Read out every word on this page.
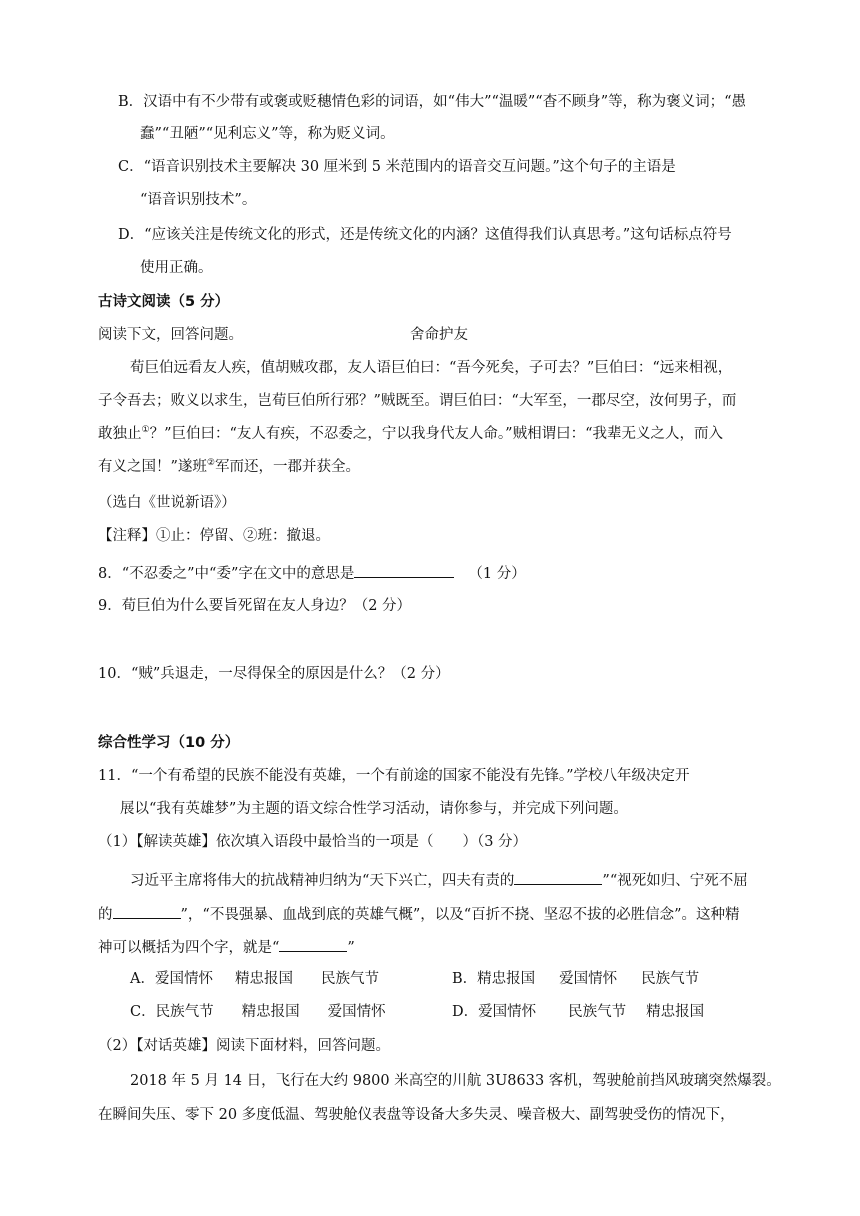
B．汉语中有不少带有或褒或贬穗情色彩的词语，如“伟大”“温暖”“杳不顾身”等，称为褒义词；“愚
蠢”“丑陋”“见利忘义”等，称为贬义词。
C．“语音识别技术主要解决 30 厘米到 5 米范围内的语音交互问题。”这个句子的主语是
“语音识别技术”。
D．“应该关注是传统文化的形式，还是传统文化的内涵？这值得我们认真思考。”这句话标点符号
使用正确。
古诗文阅读（5 分）
阅读下文，回答问题。	舍命护友
荀巨伯远看友人疾，值胡贼攻郡，友人语巨伯曰：“吾今死矣，子可去？”巨伯曰：“远来相视，
子令吾去；败义以求生，岂荀巨伯所行邪？”贼既至。谓巨伯曰：“大军至，一郡尽空，汝何男子，而
敢独止①？”巨伯曰：“友人有疾，不忍委之，宁以我身代友人命。”贼相谓曰：“我辈无义之人，而入
有义之国！”遂班②军而还，一郡并获全。
（选白《世说新语》）
【注释】①止：停留、②班：撤退。
8．“不忍委之”中“委”字在文中的意思是	（1 分）
9．荀巨伯为什么要旨死留在友人身边？（2 分）
10．“贼”兵退走，一尽得保全的原因是什么？（2 分）
综合性学习（10 分）
11．“一个有希望的民族不能没有英雄，一个有前途的国家不能没有先锋。”学校八年级决定开
展以“我有英雄梦”为主题的语文综合性学习活动，请你参与，并完成下列问题。
（1）【解读英雄】依次填入语段中最恰当的一项是（　　）（3 分）
习近平主席将伟大的抗战精神归纳为“天下兴亡，四夫有责的	”“视死如归、宁死不屈
的	”，“不畏强暴、血战到底的英雄气概”，以及“百折不挠、坚忍不拔的必胜信念”。这种精
神可以概括为四个字，就是“	”
A．爱国情怀 精忠报国 民族气节	B．精忠报国 爱国情怀 民族气节
C．民族气节 精忠报国 爱国情怀	D．爱国情怀 民族气节 精忠报国
（2）【对话英雄】阅读下面材料，回答问题。
2018 年 5 月 14 日，飞行在大约 9800 米高空的川航 3U8633 客机，驾驶舱前挡风玻璃突然爆裂。
在瞬间失压、零下 20 多度低温、驾驶舱仪表盘等设备大多失灵、噪音极大、副驾驶受伤的情况下，
